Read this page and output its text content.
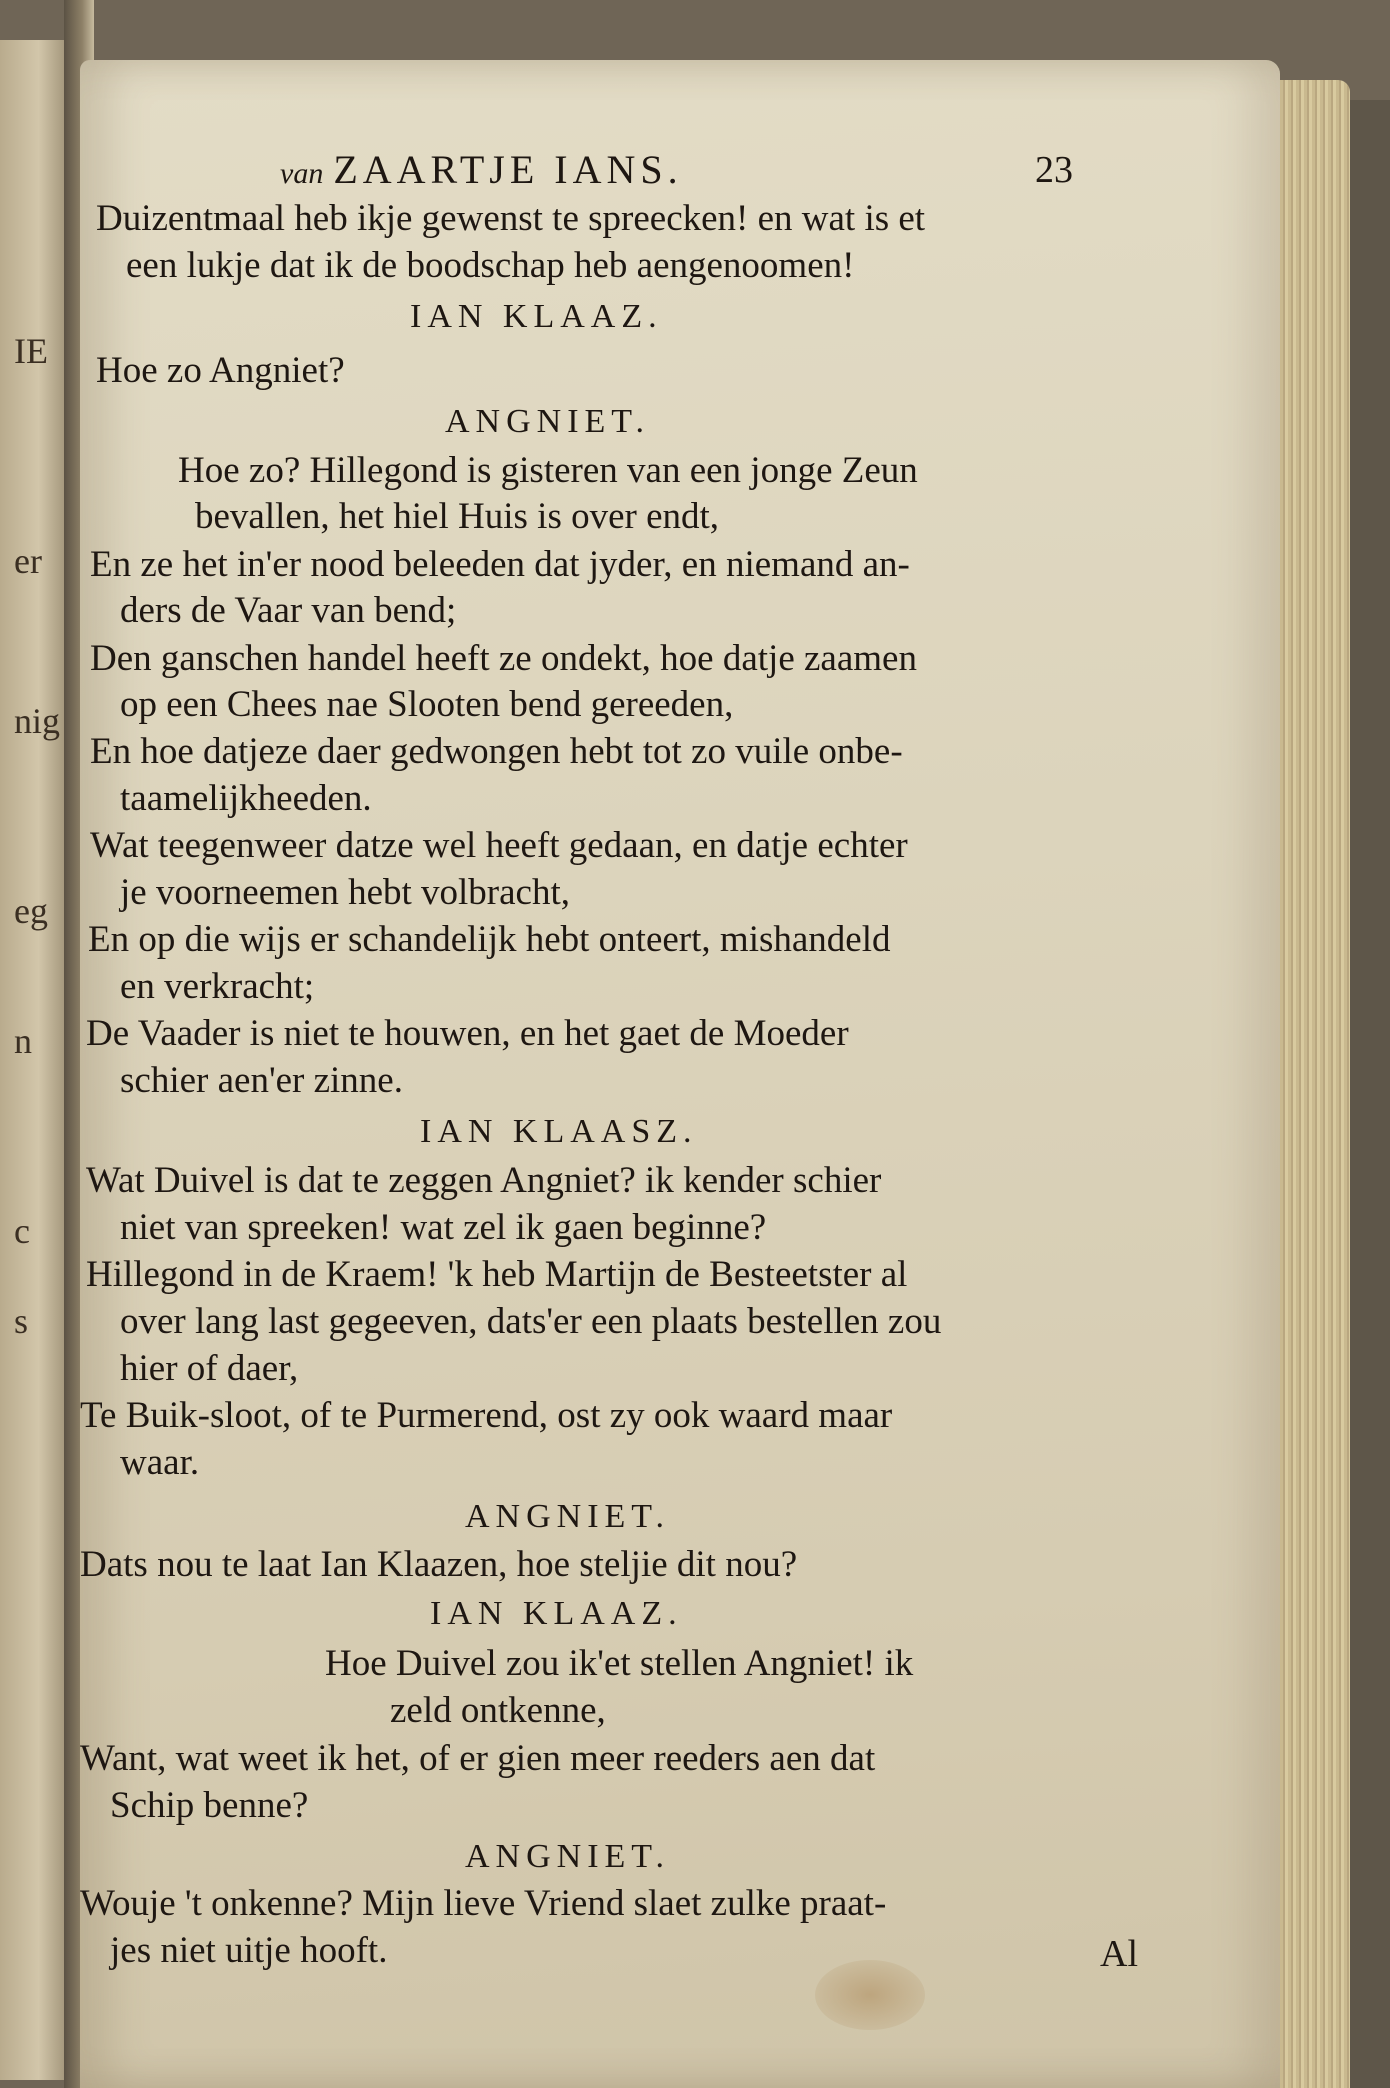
IE
er
nig
eg
n
c
s
van ZAARTJE IANS.	23
Duizentmaal heb ikje gewenst te spreecken! en wat is et
een lukje dat ik de boodschap heb aengenoomen!
IAN KLAAZ.
Hoe zo Angniet?
ANGNIET.
Hoe zo? Hillegond is gisteren van een jonge Zeun
bevallen, het hiel Huis is over endt,
En ze het in'er nood beleeden dat jyder, en niemand an-
ders de Vaar van bend;
Den ganschen handel heeft ze ondekt, hoe datje zaamen
op een Chees nae Slooten bend gereeden,
En hoe datjeze daer gedwongen hebt tot zo vuile onbe-
taamelijkheeden.
Wat teegenweer datze wel heeft gedaan, en datje echter
je voorneemen hebt volbracht,
En op die wijs er schandelijk hebt onteert, mishandeld
en verkracht;
De Vaader is niet te houwen, en het gaet de Moeder
schier aen'er zinne.
IAN KLAASZ.
Wat Duivel is dat te zeggen Angniet? ik kender schier
niet van spreeken! wat zel ik gaen beginne?
Hillegond in de Kraem! 'k heb Martijn de Besteetster al
over lang last gegeeven, dats'er een plaats bestellen zou
hier of daer,
Te Buik-sloot, of te Purmerend, ost zy ook waard maar
waar.
ANGNIET.
Dats nou te laat Ian Klaazen, hoe steljie dit nou?
IAN KLAAZ.
Hoe Duivel zou ik'et stellen Angniet! ik
zeld ontkenne,
Want, wat weet ik het, of er gien meer reeders aen dat
Schip benne?
ANGNIET.
Wouje 't onkenne? Mijn lieve Vriend slaet zulke praat-
jes niet uitje hooft.	Al
